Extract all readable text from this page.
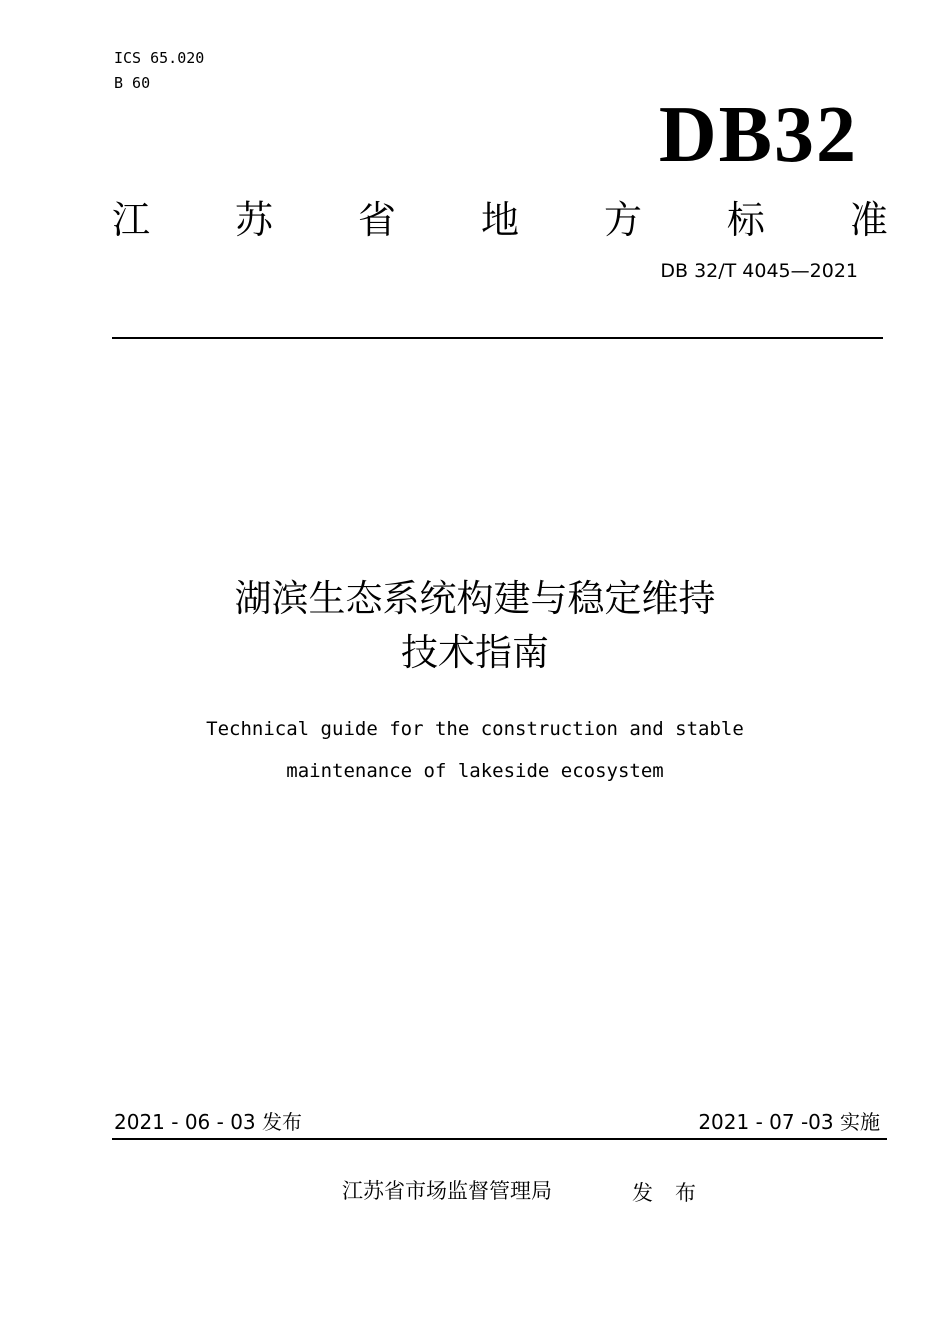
ICS 65.020
B 60
DB32
江 苏 省 地 方 标 准
DB 32/T 4045—2021
湖滨生态系统构建与稳定维持
技术指南
Technical guide for the construction and stable
maintenance of lakeside ecosystem
2021 - 06 - 03 发布	2021 - 07 -03 实施
江苏省市场监督管理局	发布
